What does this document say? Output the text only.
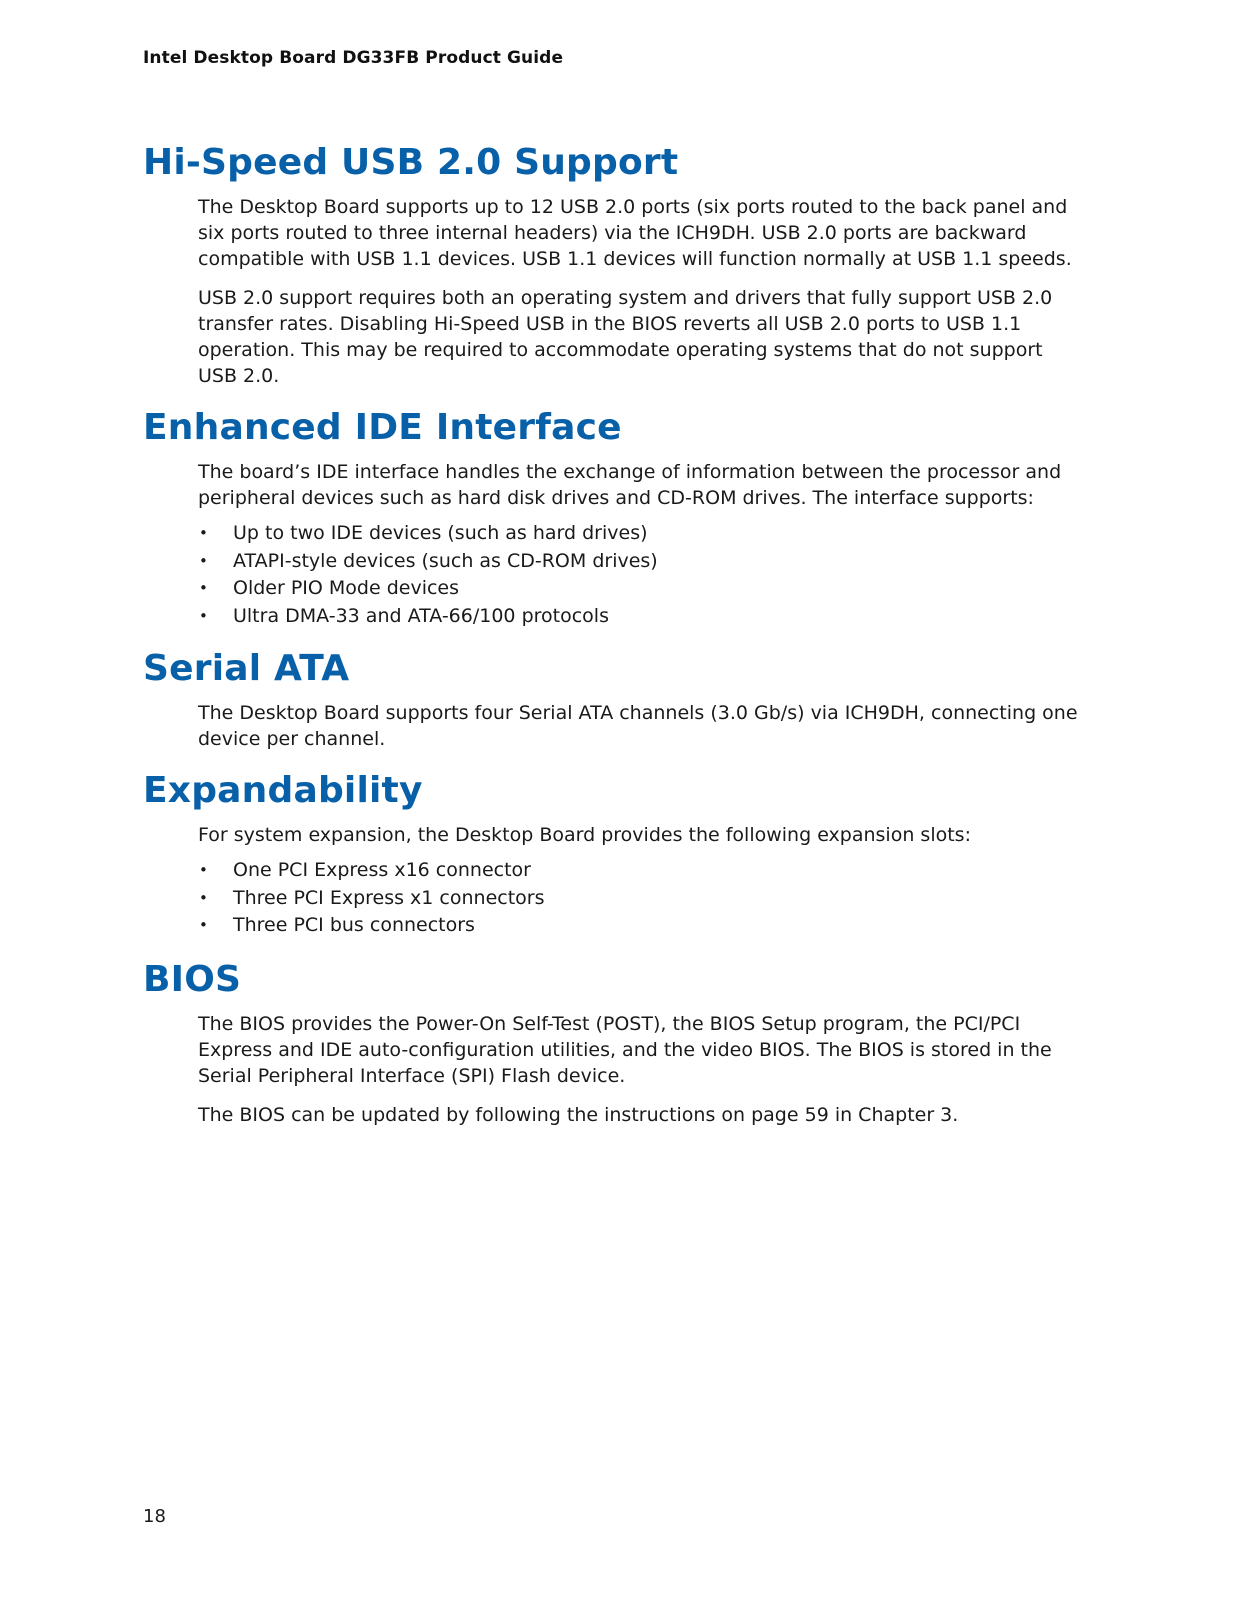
Intel Desktop Board DG33FB Product Guide
Hi-Speed USB 2.0 Support

The Desktop Board supports up to 12 USB 2.0 ports (six ports routed to the back panel and six ports routed to three internal headers) via the ICH9DH. USB 2.0 ports are backward compatible with USB 1.1 devices. USB 1.1 devices will function normally at USB 1.1 speeds.

USB 2.0 support requires both an operating system and drivers that fully support USB 2.0 transfer rates. Disabling Hi-Speed USB in the BIOS reverts all USB 2.0 ports to USB 1.1 operation. This may be required to accommodate operating systems that do not support USB 2.0.

Enhanced IDE Interface

The board’s IDE interface handles the exchange of information between the processor and peripheral devices such as hard disk drives and CD-ROM drives. The interface supports:

• Up to two IDE devices (such as hard drives)
• ATAPI-style devices (such as CD-ROM drives)
• Older PIO Mode devices
• Ultra DMA-33 and ATA-66/100 protocols
Serial ATA

The Desktop Board supports four Serial ATA channels (3.0 Gb/s) via ICH9DH, connecting one device per channel.

Expandability

For system expansion, the Desktop Board provides the following expansion slots:

• One PCI Express x16 connector
• Three PCI Express x1 connectors
• Three PCI bus connectors
BIOS

The BIOS provides the Power-On Self-Test (POST), the BIOS Setup program, the PCI/PCI Express and IDE auto-configuration utilities, and the video BIOS. The BIOS is stored in the Serial Peripheral Interface (SPI) Flash device.

The BIOS can be updated by following the instructions on page 59 in Chapter 3.

18
